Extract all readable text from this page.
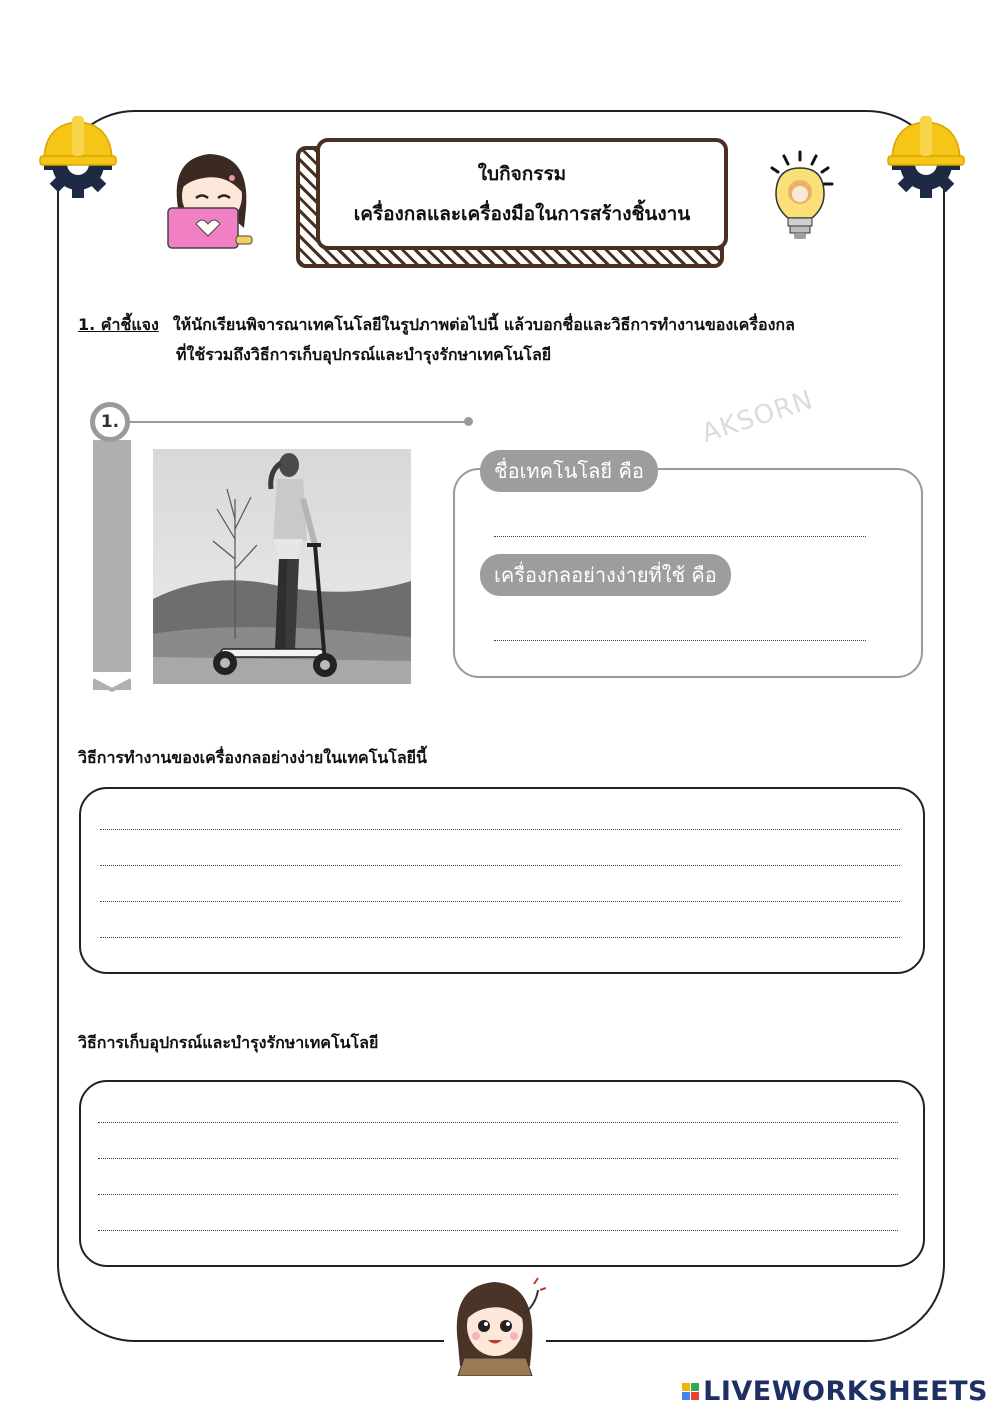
ใบกิจกรรม
เครื่องกลและเครื่องมือในการสร้างชิ้นงาน
1. คำชี้แจง ให้นักเรียนพิจารณาเทคโนโลยีในรูปภาพต่อไปนี้ แล้วบอกชื่อและวิธีการทำงานของเครื่องกล
ที่ใช้รวมถึงวิธีการเก็บอุปกรณ์และบำรุงรักษาเทคโนโลยี
1.
ชื่อเทคโนโลยี คือ
เครื่องกลอย่างง่ายที่ใช้ คือ
AKSORN
วิธีการทำงานของเครื่องกลอย่างง่ายในเทคโนโลยีนี้
วิธีการเก็บอุปกรณ์และบำรุงรักษาเทคโนโลยี
LIVEWORKSHEETS
